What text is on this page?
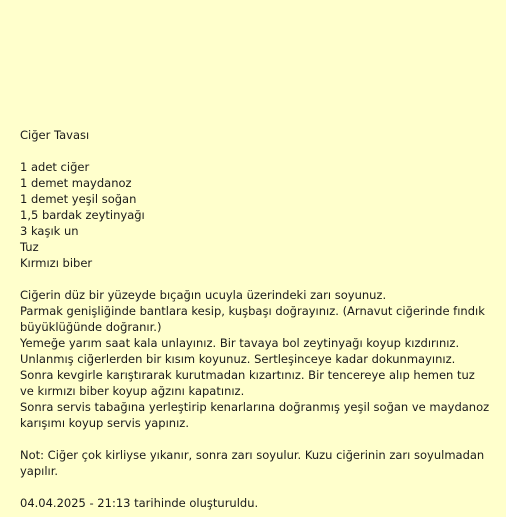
Ciğer Tavası
1 adet ciğer
1 demet maydanoz
1 demet yeşil soğan
1,5 bardak zeytinyağı
3 kaşık un
Tuz
Kırmızı biber
Ciğerin düz bir yüzeyde bıçağın ucuyla üzerindeki zarı soyunuz.
Parmak genişliğinde bantlara kesip, kuşbaşı doğrayınız. (Arnavut ciğerinde fındık büyüklüğünde doğranır.)
Yemeğe yarım saat kala unlayınız. Bir tavaya bol zeytinyağı koyup kızdırınız. Unlanmış ciğerlerden bir kısım koyunuz. Sertleşinceye kadar dokunmayınız. Sonra kevgirle karıştırarak kurutmadan kızartınız. Bir tencereye alıp hemen tuz ve kırmızı biber koyup ağzını kapatınız.
Sonra servis tabağına yerleştirip kenarlarına doğranmış yeşil soğan ve maydanoz karışımı koyup servis yapınız.
Not: Ciğer çok kirliyse yıkanır, sonra zarı soyulur. Kuzu ciğerinin zarı soyulmadan yapılır.
04.04.2025 - 21:13 tarihinde oluşturuldu.
